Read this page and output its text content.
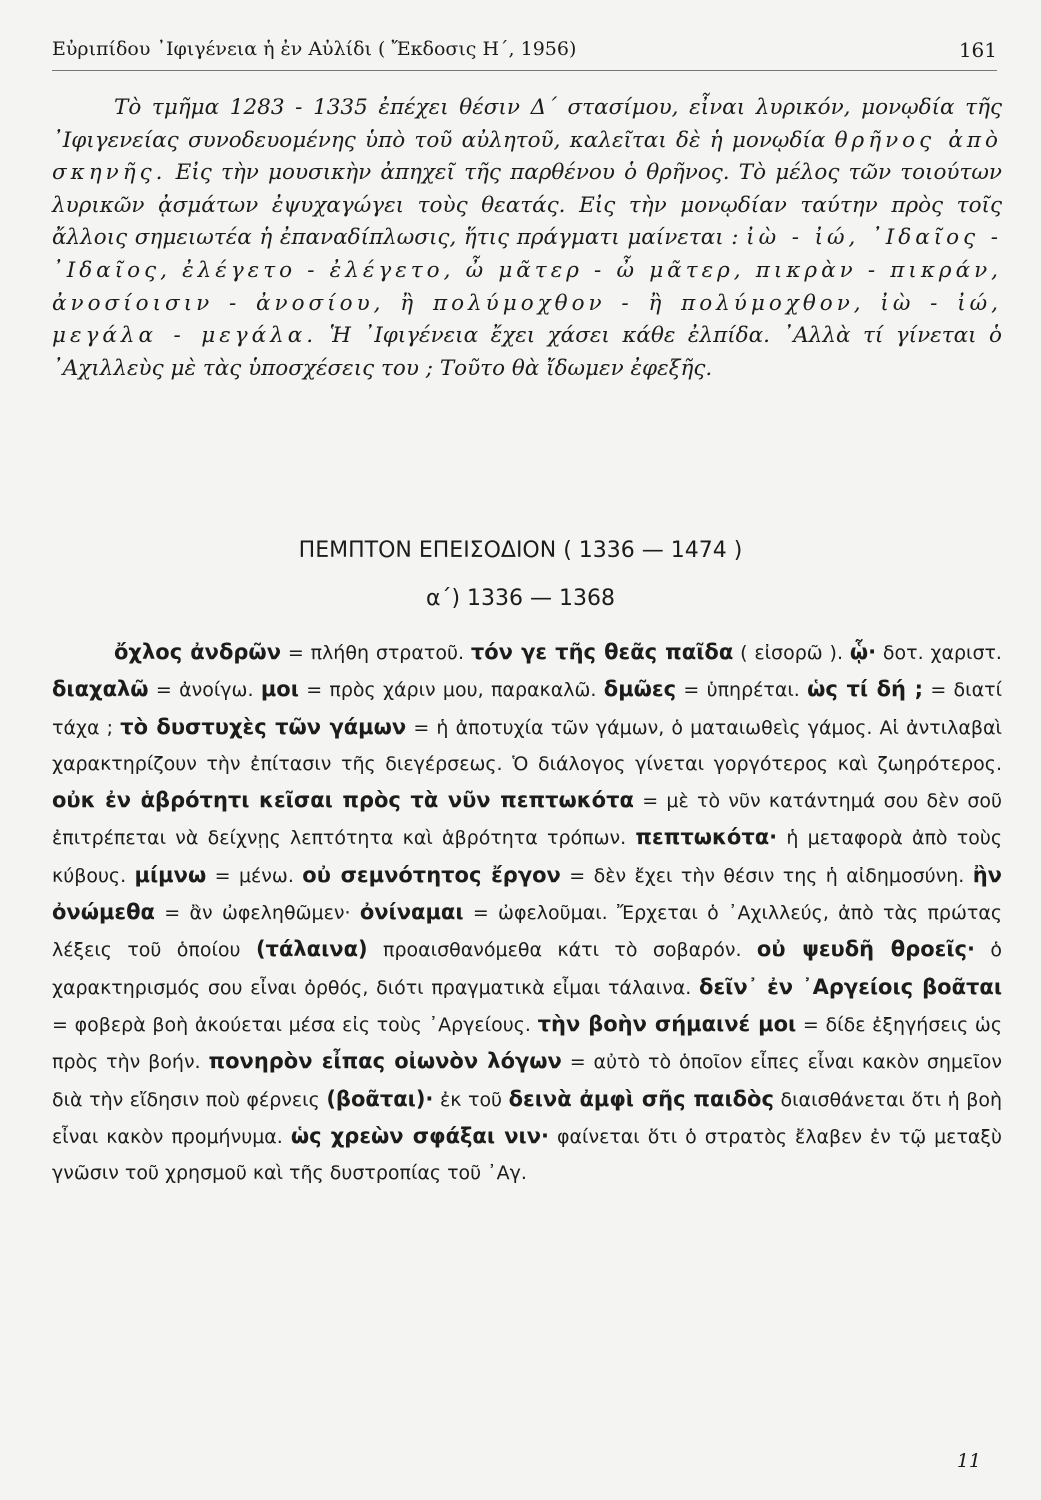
Εὐριπίδου ᾿Ιφιγένεια ἡ ἐν Αὐλίδι ( Ἔκδοσις Η΄, 1956)	161

Τὸ τμῆμα 1283 - 1335 ἐπέχει θέσιν Δ΄ στασίμου, εἶναι λυρικόν, μονῳδία τῆς ᾿Ιφιγενείας συνοδευομένης ὑπὸ τοῦ αὐλητοῦ, καλεῖται δὲ ἡ μονῳδία θρῆνος ἀπὸ σκηνῆς. Εἰς τὴν μουσικὴν ἀπηχεῖ τῆς παρθένου ὁ θρῆνος. Τὸ μέλος τῶν τοιούτων λυρικῶν ᾀσμάτων ἐψυχαγώγει τοὺς θεατάς. Εἰς τὴν μονῳδίαν ταύτην πρὸς τοῖς ἄλλοις σημειωτέα ἡ ἐπαναδίπλωσις, ἥτις πράγματι μαίνεται : ἰὼ - ἰώ, ᾿Ιδαῖος - ᾿Ιδαῖος, ἐλέγετο - ἐλέγετο, ὦ μᾶτερ - ὦ μᾶτερ, πικρὰν - πικράν, ἀνοσίοισιν - ἀνοσίου, ἢ πολύμοχθον - ἢ πολύμοχθον, ἰὼ - ἰώ, μεγάλα - μεγάλα. Ἡ ᾿Ιφιγένεια ἔχει χάσει κάθε ἐλπίδα. ᾿Αλλὰ τί γίνεται ὁ ᾿Αχιλλεὺς μὲ τὰς ὑποσχέσεις του ; Τοῦτο θὰ ἴδωμεν ἐφεξῆς.

ΠΕΜΠΤΟΝ ΕΠΕΙΣΟΔΙΟΝ ( 1336 — 1474 )
α΄) 1336 — 1368

ὄχλος ἀνδρῶν = πλήθη στρατοῦ. τόν γε τῆς θεᾶς παῖδα ( εἰσορῶ ). ᾧ· δοτ. χαριστ. διαχαλῶ = ἀνοίγω. μοι = πρὸς χάριν μου, παρακαλῶ. δμῶες = ὑπηρέται. ὡς τί δή ; = διατί τάχα ; τὸ δυστυχὲς τῶν γάμων = ἡ ἀποτυχία τῶν γάμων, ὁ ματαιωθεὶς γάμος. Αἱ ἀντιλαβαὶ χαρακτηρίζουν τὴν ἐπίτασιν τῆς διεγέρσεως. Ὁ διάλογος γίνεται γοργότερος καὶ ζωηρότερος. οὐκ ἐν ἁβρότητι κεῖσαι πρὸς τὰ νῦν πεπτωκότα = μὲ τὸ νῦν κατάντημά σου δὲν σοῦ ἐπιτρέπεται νὰ δείχνῃς λεπτότητα καὶ ἁβρότητα τρόπων. πεπτωκότα· ἡ μεταφορὰ ἀπὸ τοὺς κύβους. μίμνω = μένω. οὐ σεμνότητος ἔργον = δὲν ἔχει τὴν θέσιν της ἡ αἰδημοσύνη. ἢν ὀνώμεθα = ἂν ὠφεληθῶμεν· ὀνίναμαι = ὠφελοῦμαι. Ἔρχεται ὁ ᾿Αχιλλεύς, ἀπὸ τὰς πρώτας λέξεις τοῦ ὁποίου (τάλαινα) προαισθανόμεθα κάτι τὸ σοβαρόν. οὐ ψευδῆ θροεῖς· ὁ χαρακτηρισμός σου εἶναι ὀρθός, διότι πραγματικὰ εἶμαι τάλαινα. δεῖν᾿ ἐν ᾿Αργείοις βοᾶται = φοβερὰ βοὴ ἀκούεται μέσα εἰς τοὺς ᾿Αργείους. τὴν βοὴν σήμαινέ μοι = δίδε ἐξηγήσεις ὡς πρὸς τὴν βοήν. πονηρὸν εἶπας οἰωνὸν λόγων = αὐτὸ τὸ ὁποῖον εἶπες εἶναι κακὸν σημεῖον διὰ τὴν εἴδησιν ποὺ φέρνεις (βοᾶται)· ἐκ τοῦ δεινὰ ἀμφὶ σῆς παιδὸς διαισθάνεται ὅτι ἡ βοὴ εἶναι κακὸν προμήνυμα. ὡς χρεὼν σφάξαι νιν· φαίνεται ὅτι ὁ στρατὸς ἔλαβεν ἐν τῷ μεταξὺ γνῶσιν τοῦ χρησμοῦ καὶ τῆς δυστροπίας τοῦ ᾿Αγ.

11
